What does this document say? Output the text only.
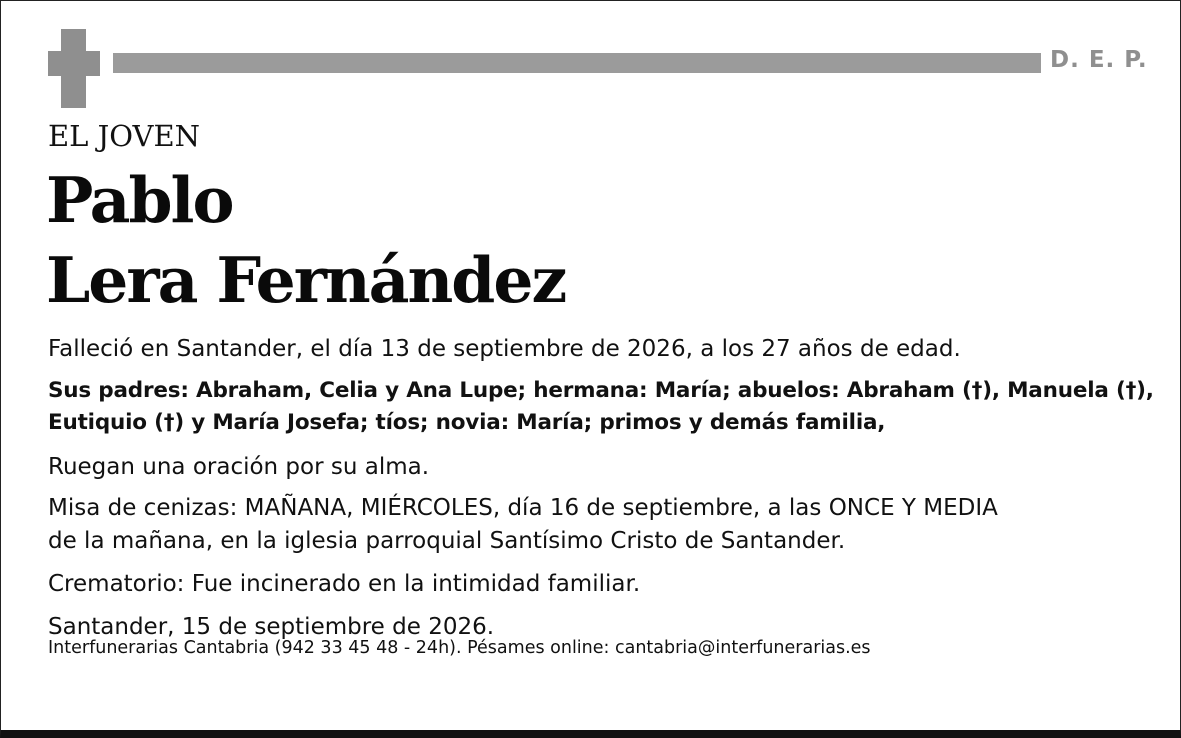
D. E. P.
EL JOVEN
Pablo
Lera Fernández
Falleció en Santander, el día 13 de septiembre de 2026, a los 27 años de edad.
Sus padres: Abraham, Celia y Ana Lupe; hermana: María; abuelos: Abraham (†), Manuela (†),
Eutiquio (†) y María Josefa; tíos; novia: María; primos y demás familia,
Ruegan una oración por su alma.
Misa de cenizas: MAÑANA, MIÉRCOLES, día 16 de septiembre, a las ONCE Y MEDIA
de la mañana, en la iglesia parroquial Santísimo Cristo de Santander.
Crematorio: Fue incinerado en la intimidad familiar.
Santander, 15 de septiembre de 2026.
Interfunerarias Cantabria (942 33 45 48 - 24h). Pésames online: cantabria@interfunerarias.es
